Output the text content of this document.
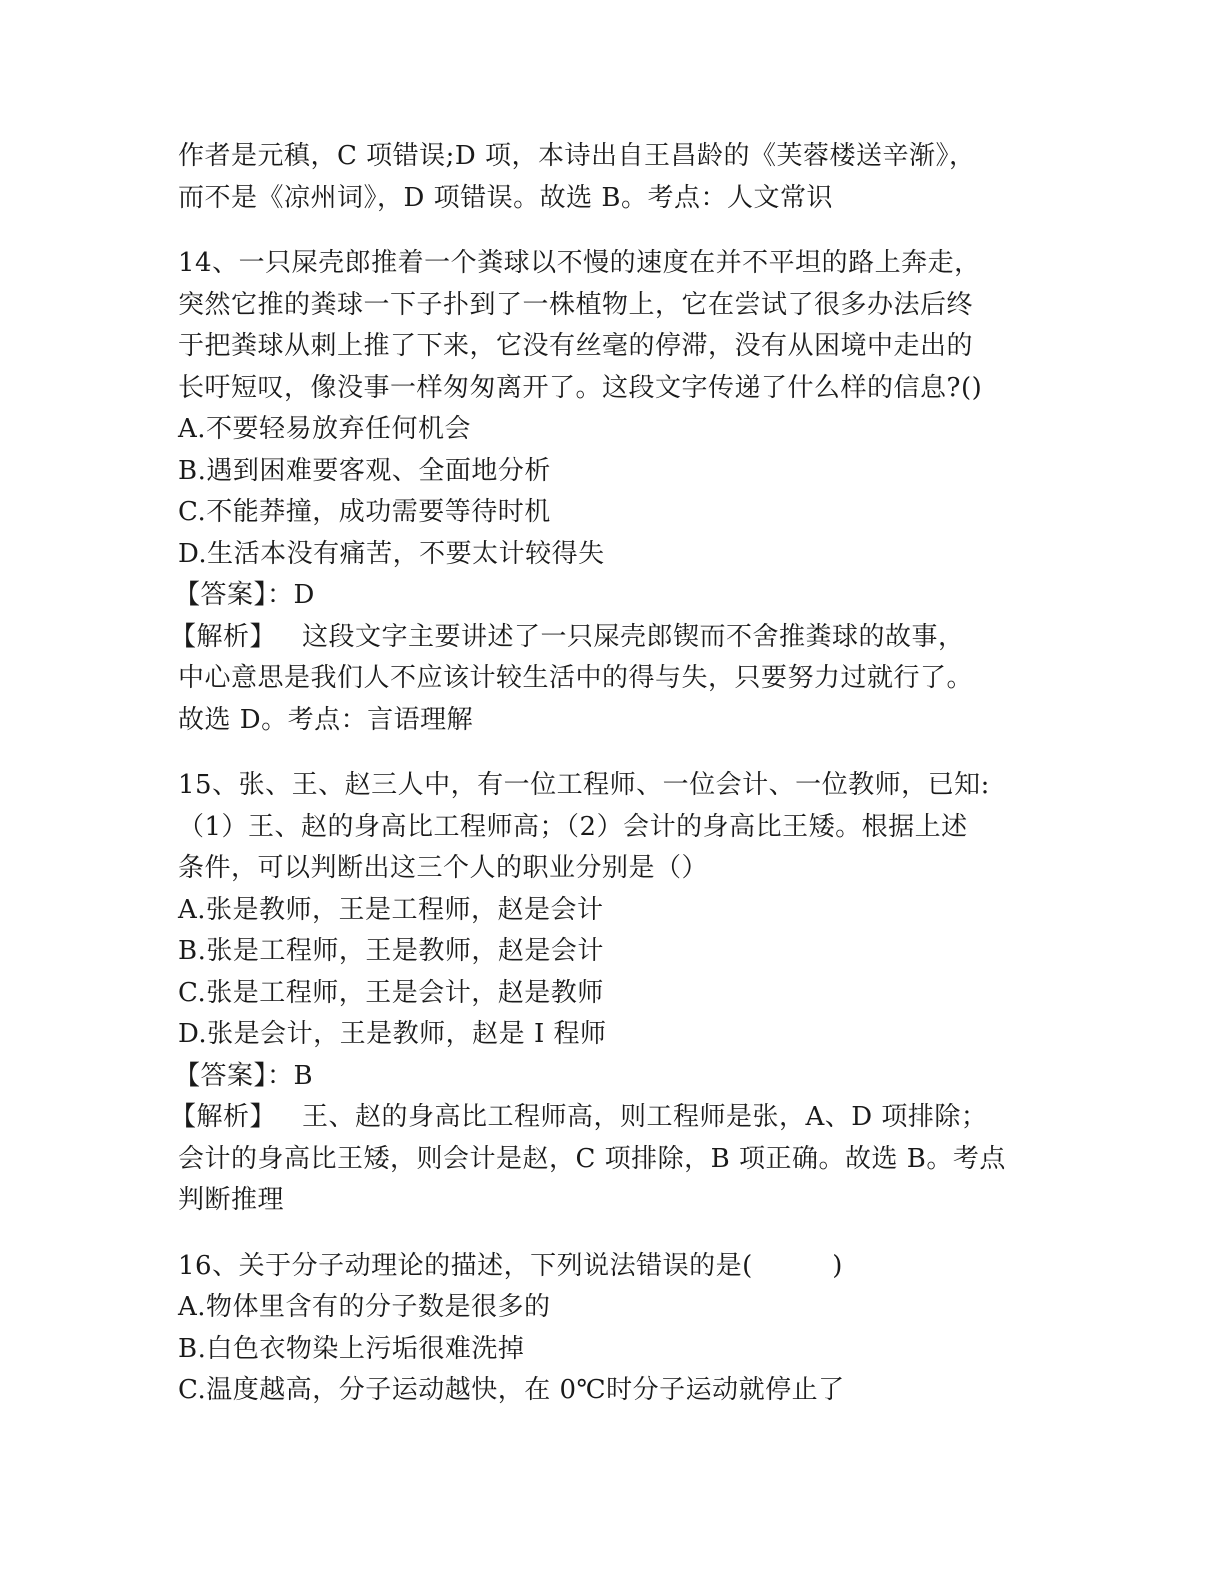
作者是元稹，C 项错误;D 项，本诗出自王昌龄的《芙蓉楼送辛渐》，
而不是《凉州词》，D 项错误。故选 B。考点：人文常识
14、一只屎壳郎推着一个粪球以不慢的速度在并不平坦的路上奔走，
突然它推的粪球一下子扑到了一株植物上，它在尝试了很多办法后终
于把粪球从刺上推了下来，它没有丝毫的停滞，没有从困境中走出的
长吁短叹，像没事一样匆匆离开了。这段文字传递了什么样的信息?()
A.不要轻易放弃任何机会
B.遇到困难要客观、全面地分析
C.不能莽撞，成功需要等待时机
D.生活本没有痛苦，不要太计较得失
【答案】：D
【解析】 这段文字主要讲述了一只屎壳郎锲而不舍推粪球的故事，
中心意思是我们人不应该计较生活中的得与失，只要努力过就行了。
故选 D。考点：言语理解
15、张、王、赵三人中，有一位工程师、一位会计、一位教师，已知:
（1）王、赵的身高比工程师高；（2）会计的身高比王矮。根据上述
条件，可以判断出这三个人的职业分别是（）
A.张是教师，王是工程师，赵是会计
B.张是工程师，王是教师，赵是会计
C.张是工程师，王是会计，赵是教师
D.张是会计，王是教师，赵是 I 程师
【答案】：B
【解析】 王、赵的身高比工程师高，则工程师是张，A、D 项排除；
会计的身高比王矮，则会计是赵，C 项排除，B 项正确。故选 B。考点
判断推理
16、关于分子动理论的描述，下列说法错误的是(　　　)
A.物体里含有的分子数是很多的
B.白色衣物染上污垢很难洗掉
C.温度越高，分子运动越快，在 0℃时分子运动就停止了
